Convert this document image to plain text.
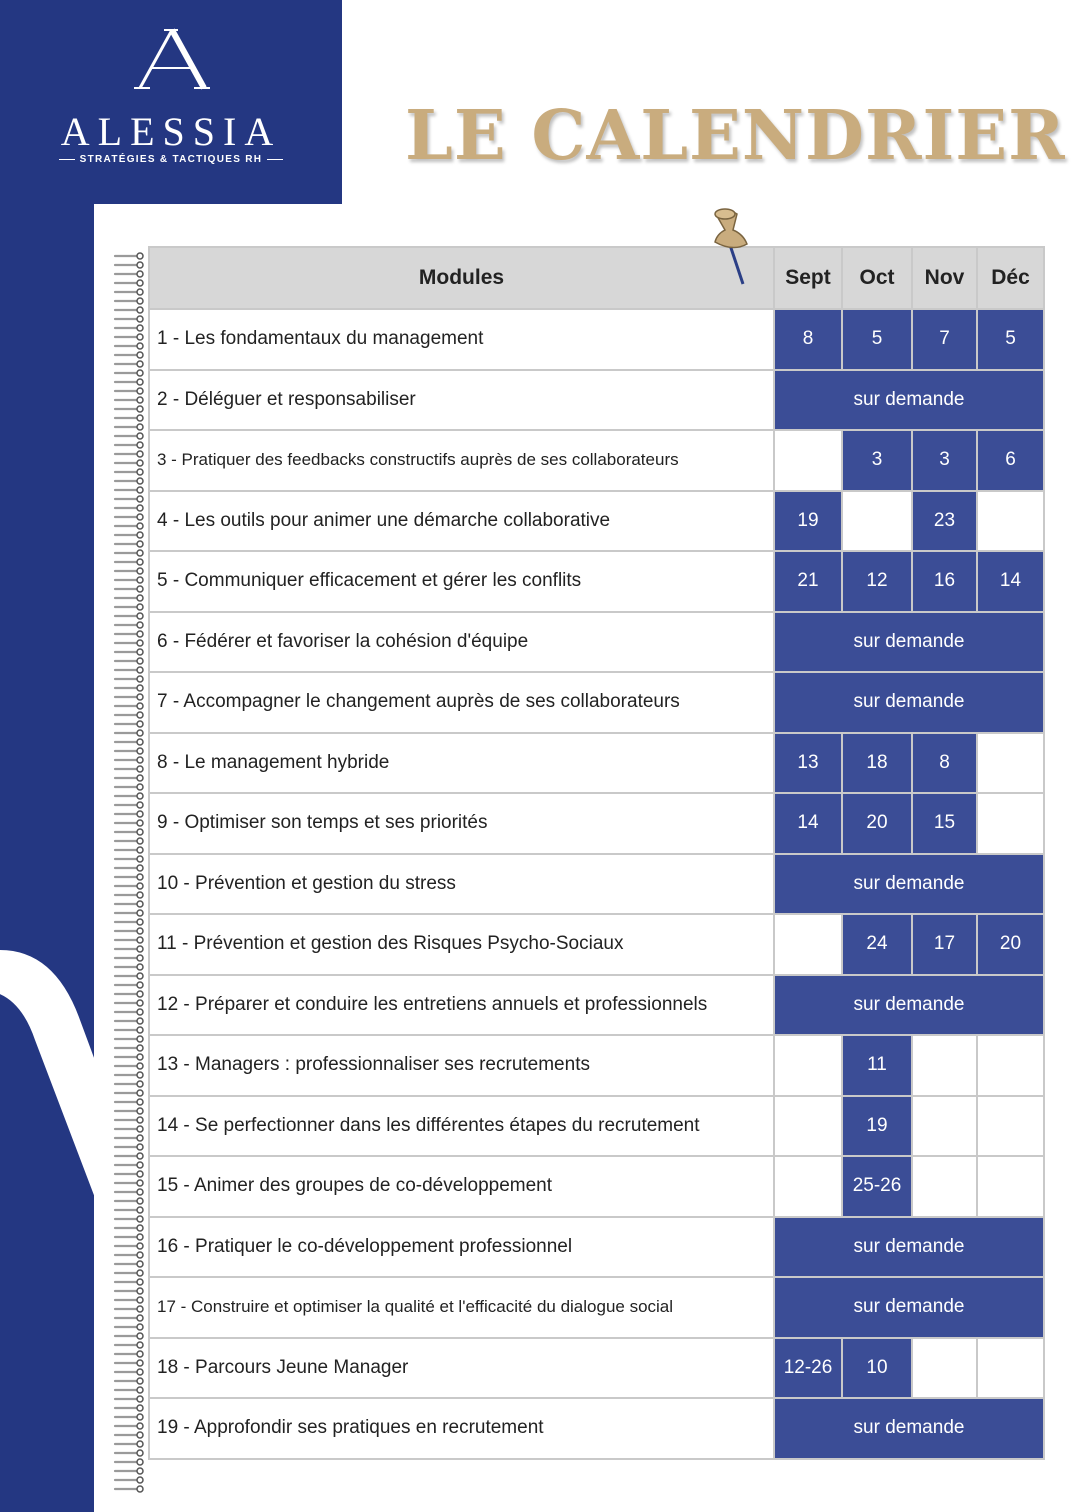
ALESSIA
STRATÉGIES & TACTIQUES RH	LE CALENDRIER
Modules	Sept	Oct	Nov	Déc
1 - Les fondamentaux du management	8	5	7	5
2 - Déléguer et responsabiliser	sur demande			
3 - Pratiquer des feedbacks constructifs auprès de ses collaborateurs		3	3	6
4 - Les outils pour animer une démarche collaborative	19		23	
5 - Communiquer efficacement et gérer les conflits	21	12	16	14
6 - Fédérer et favoriser la cohésion d'équipe	sur demande			
7 - Accompagner le changement auprès de ses collaborateurs	sur demande			
8 - Le management hybride	13	18	8	
9 - Optimiser son temps et ses priorités	14	20	15	
10 - Prévention et gestion du stress	sur demande			
11 - Prévention et gestion des Risques Psycho-Sociaux		24	17	20
12 - Préparer et conduire les entretiens annuels et professionnels	sur demande			
13 - Managers : professionnaliser ses recrutements		11		
14 - Se perfectionner dans les différentes étapes du recrutement		19		
15 - Animer des groupes de co-développement		25-26		
16 - Pratiquer le co-développement professionnel	sur demande			
17 - Construire et optimiser la qualité et l'efficacité du dialogue social	sur demande			
18 - Parcours Jeune Manager	12-26	10		
19 - Approfondir ses pratiques en recrutement	sur demande			
